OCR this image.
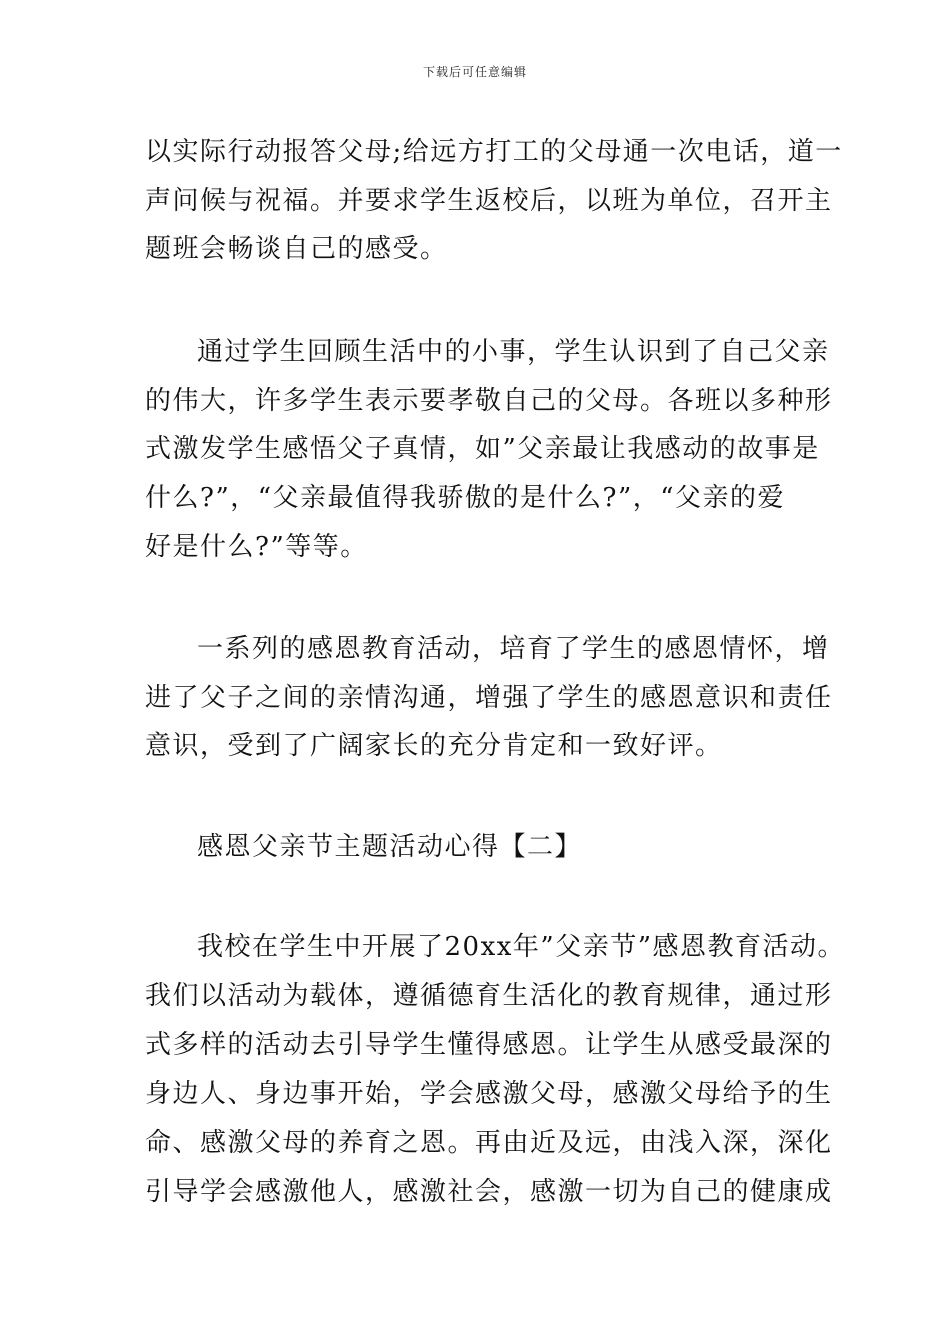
下载后可任意编辑
以实际行动报答父母;给远方打工的父母通一次电话，道一
声问候与祝福。并要求学生返校后，以班为单位，召开主
题班会畅谈自己的感受。
通过学生回顾生活中的小事，学生认识到了自己父亲
的伟大，许多学生表示要孝敬自己的父母。各班以多种形
式激发学生感悟父子真情，如”父亲最让我感动的故事是
什么?”，“父亲最值得我骄傲的是什么?”，“父亲的爱
好是什么?”等等。
一系列的感恩教育活动，培育了学生的感恩情怀，增
进了父子之间的亲情沟通，增强了学生的感恩意识和责任
意识，受到了广阔家长的充分肯定和一致好评。
感恩父亲节主题活动心得【二】
我校在学生中开展了20xx年”父亲节”感恩教育活动。
我们以活动为载体，遵循德育生活化的教育规律，通过形
式多样的活动去引导学生懂得感恩。让学生从感受最深的
身边人、身边事开始，学会感激父母，感激父母给予的生
命、感激父母的养育之恩。再由近及远，由浅入深，深化
引导学会感激他人，感激社会，感激一切为自己的健康成
